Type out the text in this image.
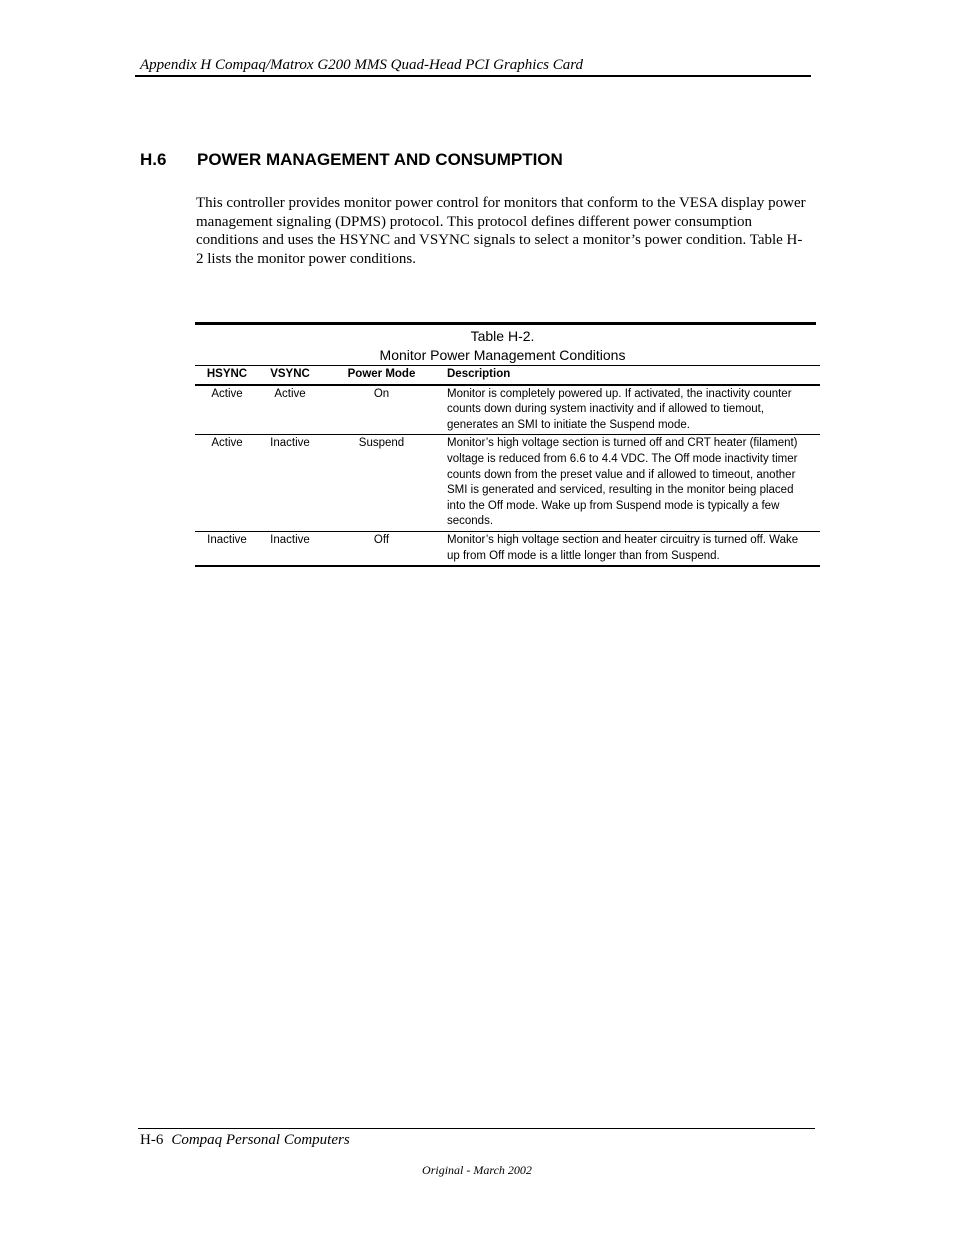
Appendix H Compaq/Matrox G200 MMS Quad-Head PCI Graphics Card
H.6 POWER MANAGEMENT AND CONSUMPTION
This controller provides monitor power control for monitors that conform to the VESA display power management signaling (DPMS) protocol. This protocol defines different power consumption conditions and uses the HSYNC and VSYNC signals to select a monitor’s power condition. Table H-2 lists the monitor power conditions.
Table H-2.
Monitor Power Management Conditions
HSYNC	VSYNC	Power Mode	Description
Active	Active	On	Monitor is completely powered up. If activated, the inactivity counter counts down during system inactivity and if allowed to tiemout, generates an SMI to initiate the Suspend mode.
Active	Inactive	Suspend	Monitor’s high voltage section is turned off and CRT heater (filament) voltage is reduced from 6.6 to 4.4 VDC. The Off mode inactivity timer counts down from the preset value and if allowed to timeout, another SMI is generated and serviced, resulting in the monitor being placed into the Off mode. Wake up from Suspend mode is typically a few seconds.
Inactive	Inactive	Off	Monitor’s high voltage section and heater circuitry is turned off. Wake up from Off mode is a little longer than from Suspend.
H-6 Compaq Personal Computers
Original - March 2002
